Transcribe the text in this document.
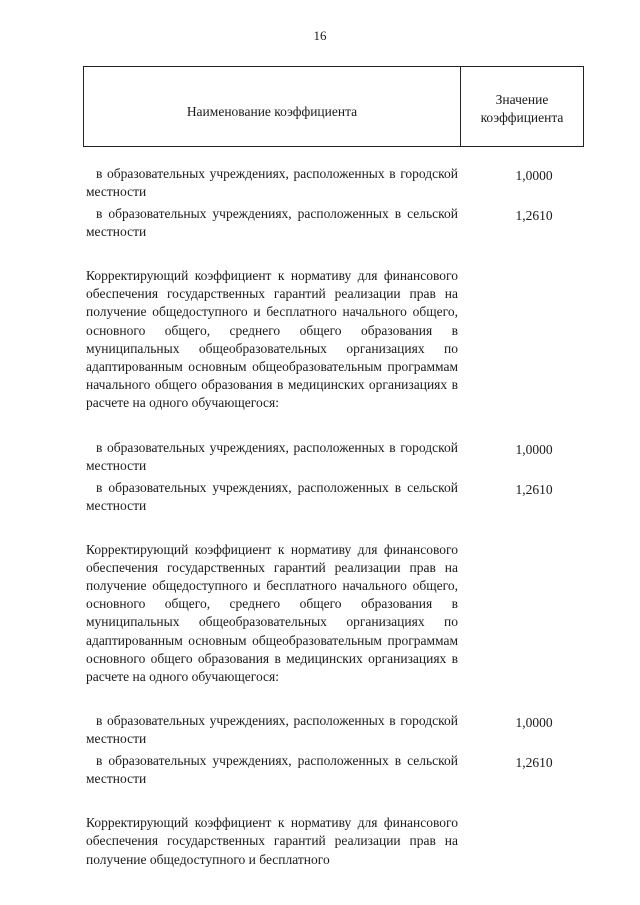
16
Наименование коэффициента
Значение
коэффициента
в образовательных учреждениях, расположенных в городской местности
1,0000
в образовательных учреждениях, расположенных в сельской местности
1,2610
Корректирующий коэффициент к нормативу для финансового обеспечения государственных гарантий реализации прав на получение общедоступного и бесплатного начального общего, основного общего, среднего общего образования в муниципальных общеобразовательных организациях по адаптированным основным общеобразовательным программам начального общего образования в медицинских организациях в расчете на одного обучающегося:
в образовательных учреждениях, расположенных в городской местности
1,0000
в образовательных учреждениях, расположенных в сельской местности
1,2610
Корректирующий коэффициент к нормативу для финансового обеспечения государственных гарантий реализации прав на получение общедоступного и бесплатного начального общего, основного общего, среднего общего образования в муниципальных общеобразовательных организациях по адаптированным основным общеобразовательным программам основного общего образования в медицинских организациях в расчете на одного обучающегося:
в образовательных учреждениях, расположенных в городской местности
1,0000
в образовательных учреждениях, расположенных в сельской местности
1,2610
Корректирующий коэффициент к нормативу для финансового обеспечения государственных гарантий реализации прав на получение общедоступного и бесплатного
